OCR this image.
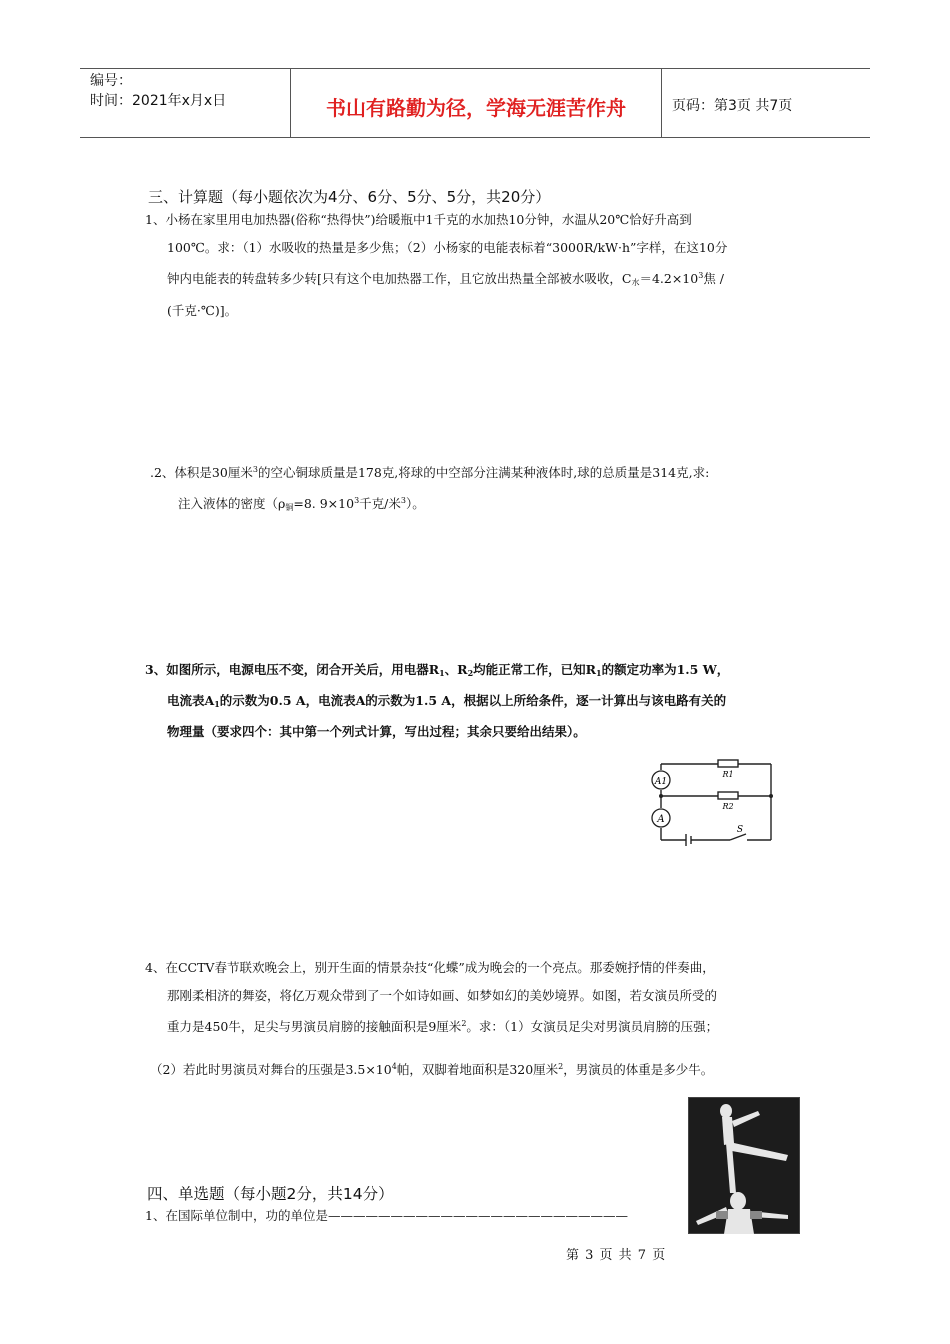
编号：
时间：2021年x月x日	书山有路勤为径，学海无涯苦作舟	页码：第3页 共7页
三、计算题（每小题依次为4分、6分、5分、5分，共20分）
1、小杨在家里用电加热器(俗称“热得快”)给暖瓶中1千克的水加热10分钟，水温从20℃恰好升高到

100℃。求：（1）水吸收的热量是多少焦；（2）小杨家的电能表标着“3000R/kW·h”字样，在这10分
钟内电能表的转盘转多少转[只有这个电加热器工作，且它放出热量全部被水吸收，$C_水=4.2\times 10^3$焦 /
(千克·℃)]。
.2、体积是30厘米$^3$的空心铜球质量是178克,将球的中空部分注满某种液体时,球的总质量是314克,求:
注入液体的密度（$\rho_铜=8$. $9\times 10^3$千克/米$^3$）。
3、如图所示，电源电压不变，闭合开关后，用电器$R_1$、$R_2$均能正常工作，已知$R_1$的额定功率为1.5 W，

电流表$A_1$的示数为0.5 A，电流表A的示数为1.5 A，根据以上所给条件，逐一计算出与该电路有关的
物理量（要求四个：其中第一个列式计算，写出过程；其余只要给出结果）。
A1
A
R1
R2
S
4、在CCTV春节联欢晚会上，别开生面的情景杂技“化蝶”成为晚会的一个亮点。那委婉抒情的伴奏曲，

那刚柔相济的舞姿，将亿万观众带到了一个如诗如画、如梦如幻的美妙境界。如图，若女演员所受的
重力是450牛，足尖与男演员肩膀的接触面积是9厘米$^2$。求：（1）女演员足尖对男演员肩膀的压强；
（2）若此时男演员对舞台的压强是$3.5\times 10^4$帕，双脚着地面积是320厘米$^2$，男演员的体重是多少牛。
四、单选题（每小题2分，共14分）
1、在国际单位制中，功的单位是————————————————————————
第 3 页 共 7 页
